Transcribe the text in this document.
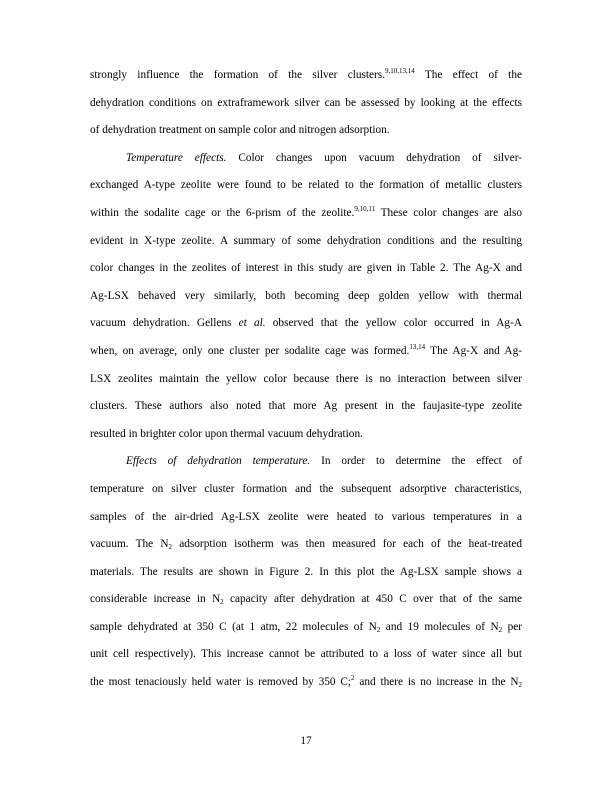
strongly influence the formation of the silver clusters.$^{9,10,13,14}$ The effect of the
dehydration conditions on extraframework silver can be assessed by looking at the effects
of dehydration treatment on sample color and nitrogen adsorption.

Temperature effects. Color changes upon vacuum dehydration of silver-
exchanged A-type zeolite were found to be related to the formation of metallic clusters
within the sodalite cage or the 6-prism of the zeolite.$^{9,10,11}$ These color changes are also
evident in X-type zeolite. A summary of some dehydration conditions and the resulting
color changes in the zeolites of interest in this study are given in Table 2. The Ag-X and
Ag-LSX behaved very similarly, both becoming deep golden yellow with thermal
vacuum dehydration. Gellens et al. observed that the yellow color occurred in Ag-A
when, on average, only one cluster per sodalite cage was formed.$^{13,14}$ The Ag-X and Ag-
LSX zeolites maintain the yellow color because there is no interaction between silver
clusters. These authors also noted that more Ag present in the faujasite-type zeolite
resulted in brighter color upon thermal vacuum dehydration.

Effects of dehydration temperature. In order to determine the effect of
temperature on silver cluster formation and the subsequent adsorptive characteristics,
samples of the air-dried Ag-LSX zeolite were heated to various temperatures in a
vacuum. The $N_2$ adsorption isotherm was then measured for each of the heat-treated
materials. The results are shown in Figure 2. In this plot the Ag-LSX sample shows a
considerable increase in $N_2$ capacity after dehydration at 450 C over that of the same
sample dehydrated at 350 C (at 1 atm, 22 molecules of $N_2$ and 19 molecules of $N_2$ per
unit cell respectively). This increase cannot be attributed to a loss of water since all but
the most tenaciously held water is removed by 350 C;$^2$ and there is no increase in the $N_2$

17
